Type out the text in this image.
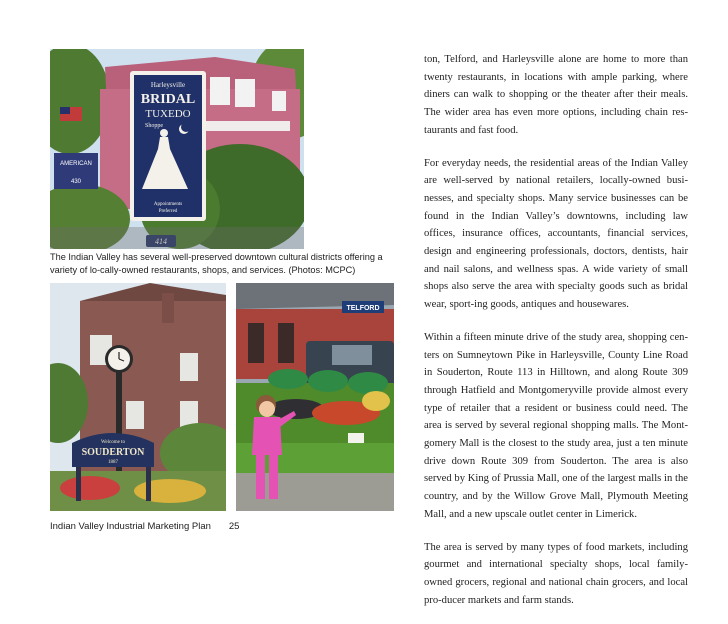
AMERICAN
430
Harleysville
BRIDAL
TUXEDO
Shoppe
Appointments
Preferred
414
The Indian Valley has several well-preserved downtown cultural districts offering a variety of lo-cally-owned restaurants, shops, and services. (Photos: MCPC)
Welcome to
SOUDERTON
1887
TELFORD

ton, Telford, and Harleysville alone are home to more than twenty restaurants, in locations with ample parking, where diners can walk to shopping or the theater after their meals. The wider area has even more options, including chain res-taurants and fast food.

For everyday needs, the residential areas of the Indian Valley are well-served by national retailers, locally-owned busi-nesses, and specialty shops. Many service businesses can be found in the Indian Valley’s downtowns, including law offices, insurance offices, accountants, financial services, design and engineering professionals, doctors, dentists, hair and nail salons, and wellness spas. A wide variety of small shops also serve the area with specialty goods such as bridal wear, sport-ing goods, antiques and housewares.

Within a fifteen minute drive of the study area, shopping cen-ters on Sumneytown Pike in Harleysville, County Line Road in Souderton, Route 113 in Hilltown, and along Route 309 through Hatfield and Montgomeryville provide almost every type of retailer that a resident or business could need. The area is served by several regional shopping malls. The Mont-gomery Mall is the closest to the study area, just a ten minute drive down Route 309 from Souderton. The area is also served by King of Prussia Mall, one of the largest malls in the country, and by the Willow Grove Mall, Plymouth Meeting Mall, and a new upscale outlet center in Limerick.

The area is served by many types of food markets, including gourmet and international specialty shops, local family-owned grocers, regional and national chain grocers, and local pro-ducer markets and farm stands.

Indian Valley Industrial Marketing Plan 25
